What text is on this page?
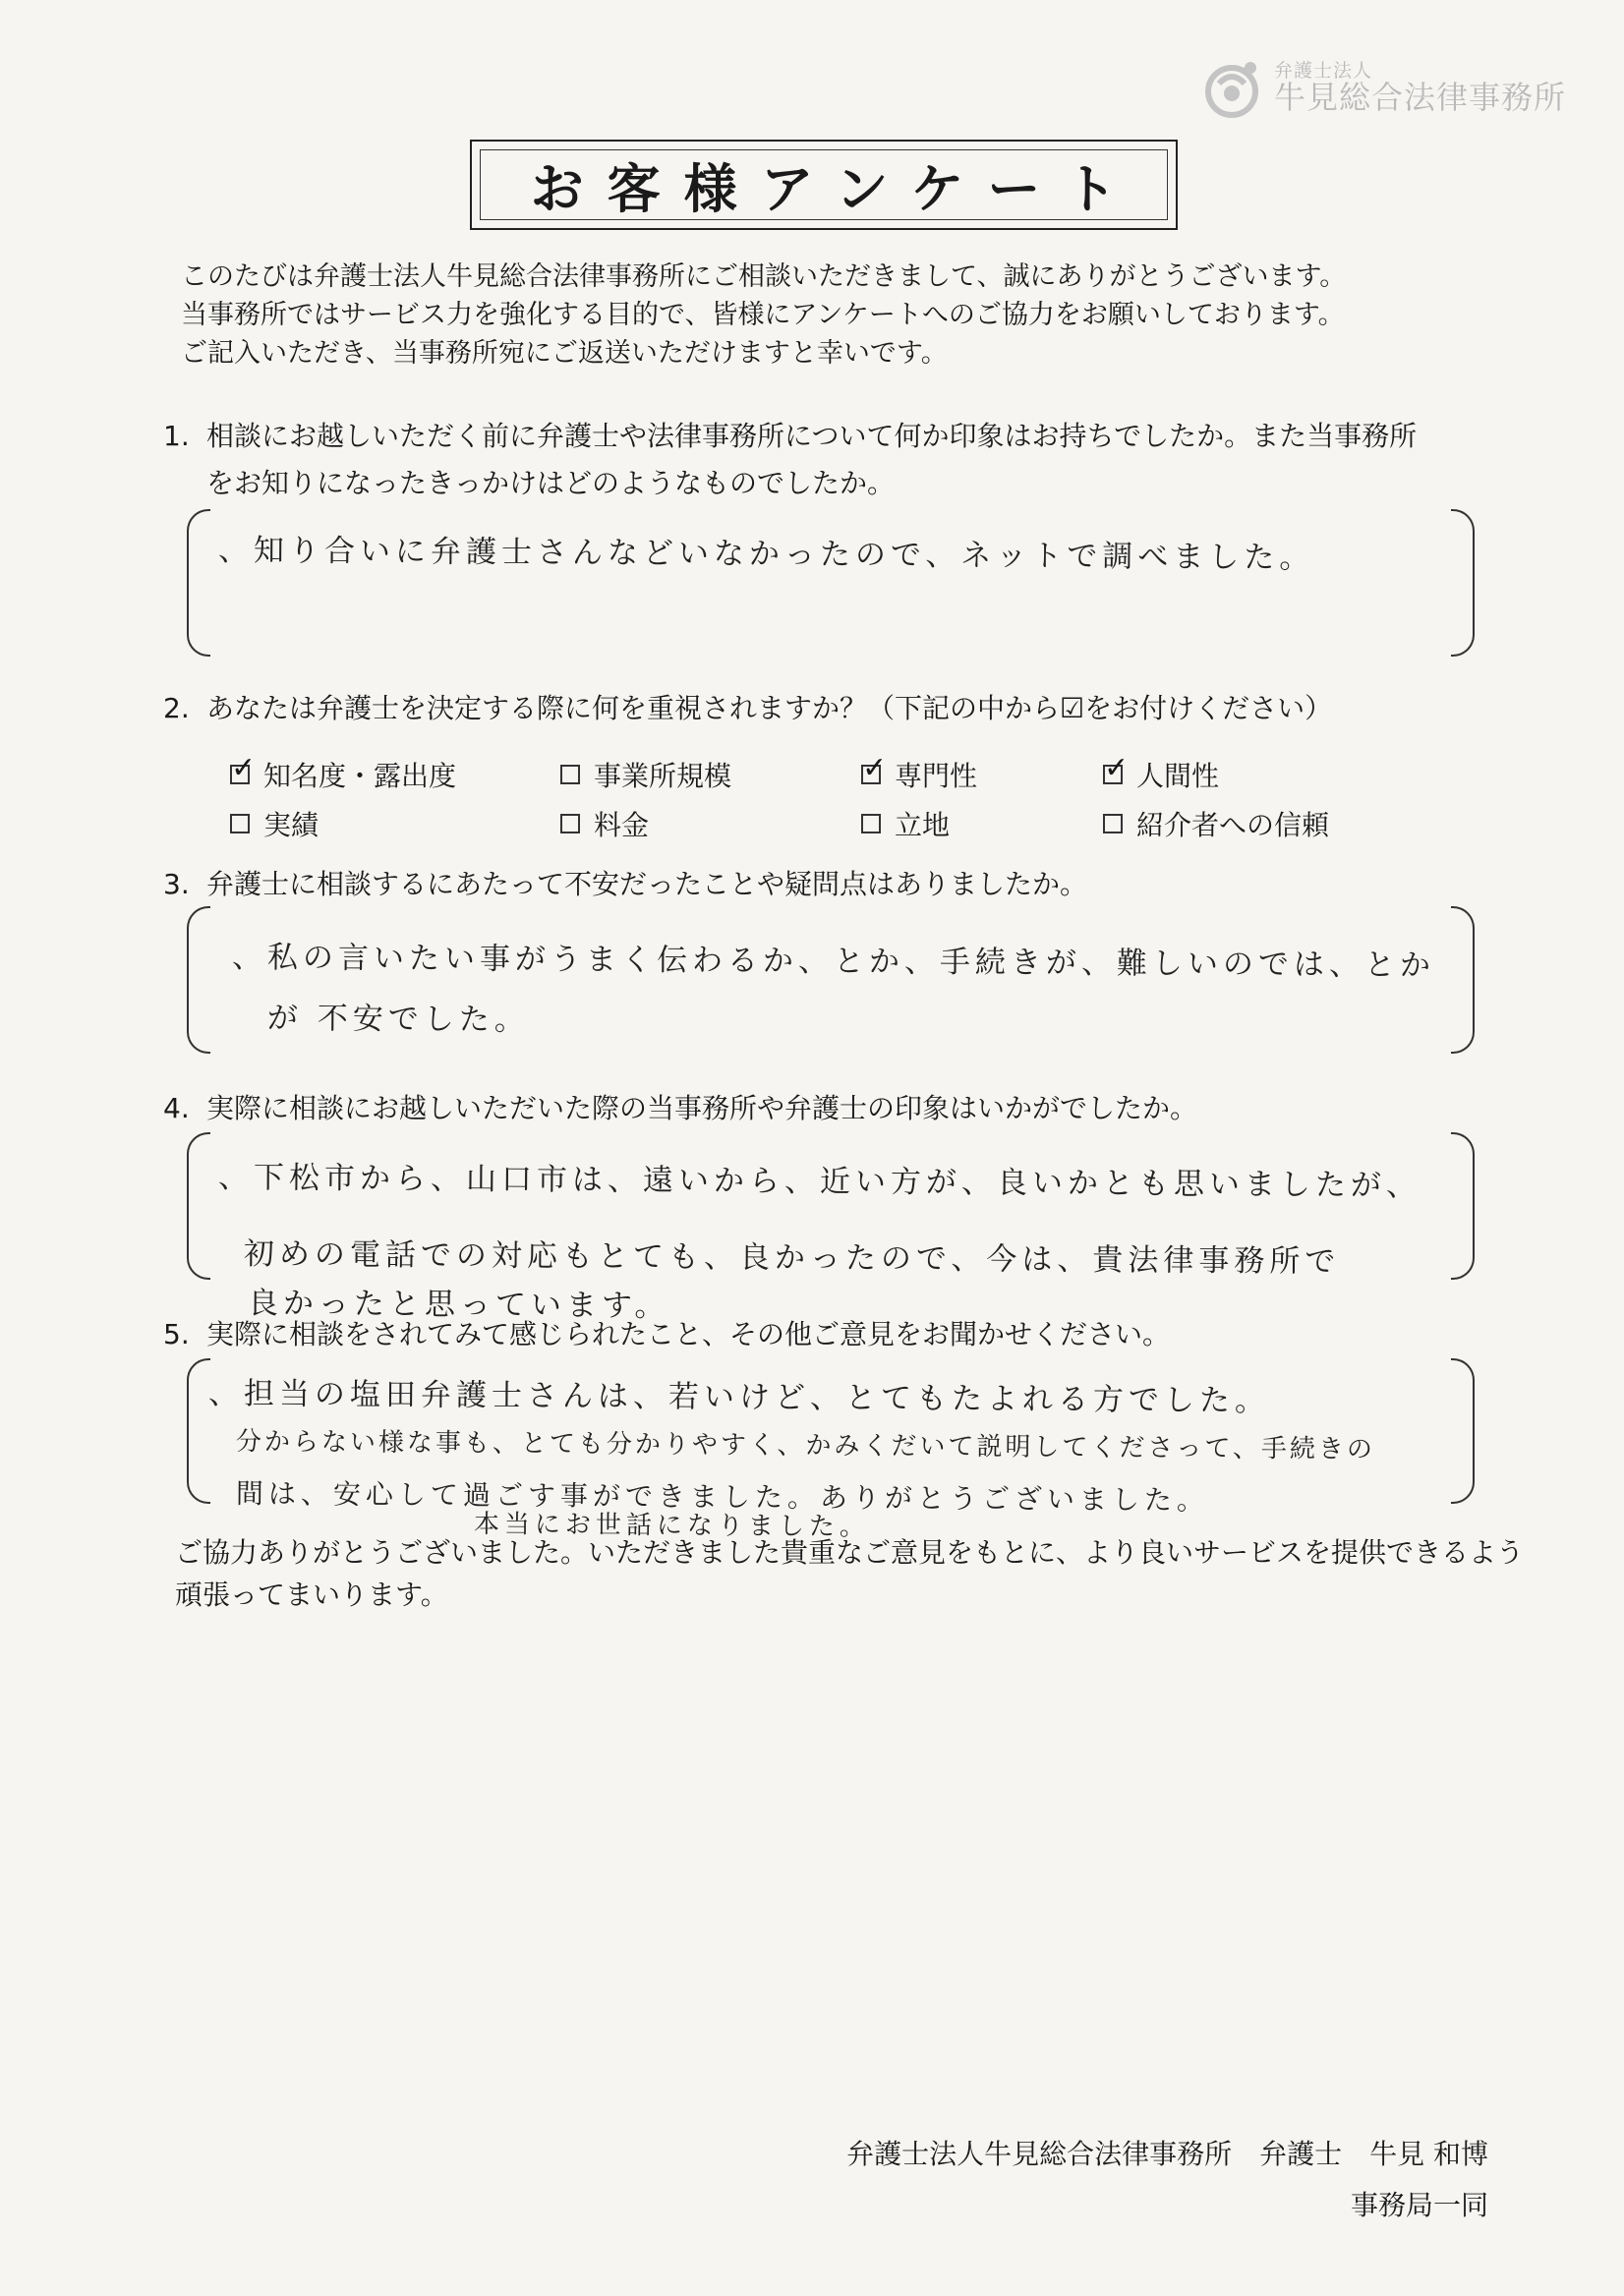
弁護士法人
牛見総合法律事務所
お客様アンケート
このたびは弁護士法人牛見総合法律事務所にご相談いただきまして、誠にありがとうございます。
当事務所ではサービス力を強化する目的で、皆様にアンケートへのご協力をお願いしております。
ご記入いただき、当事務所宛にご返送いただけますと幸いです。
1. 相談にお越しいただく前に弁護士や法律事務所について何か印象はお持ちでしたか。また当事務所
をお知りになったきっかけはどのようなものでしたか。
、知り合いに弁護士さんなどいなかったので、ネットで調べました。
2. あなたは弁護士を決定する際に何を重視されますか？（下記の中から☑をお付けください）
✓
知名度・露出度	事業所規模 ✓	専門性 ✓	人間性
実績	料金	立地	紹介者への信頼
3. 弁護士に相談するにあたって不安だったことや疑問点はありましたか。
、私の言いたい事がうまく伝わるか、とか、手続きが、難しいのでは、とか
が 不安でした。
4. 実際に相談にお越しいただいた際の当事務所や弁護士の印象はいかがでしたか。
、下松市から、山口市は、遠いから、近い方が、良いかとも思いましたが、
初めの電話での対応もとても、良かったので、今は、貴法律事務所で
良かったと思っています。
5. 実際に相談をされてみて感じられたこと、その他ご意見をお聞かせください。
、担当の塩田弁護士さんは、若いけど、とてもたよれる方でした。
分からない様な事も、とても分かりやすく、かみくだいて説明してくださって、手続きの
間は、安心して過ごす事ができました。ありがとうございました。
本当にお世話になりました。
ご協力ありがとうございました。いただきました貴重なご意見をもとに、より良いサービスを提供できるよう
頑張ってまいります。
弁護士法人牛見総合法律事務所　弁護士　牛見 和博
事務局一同
